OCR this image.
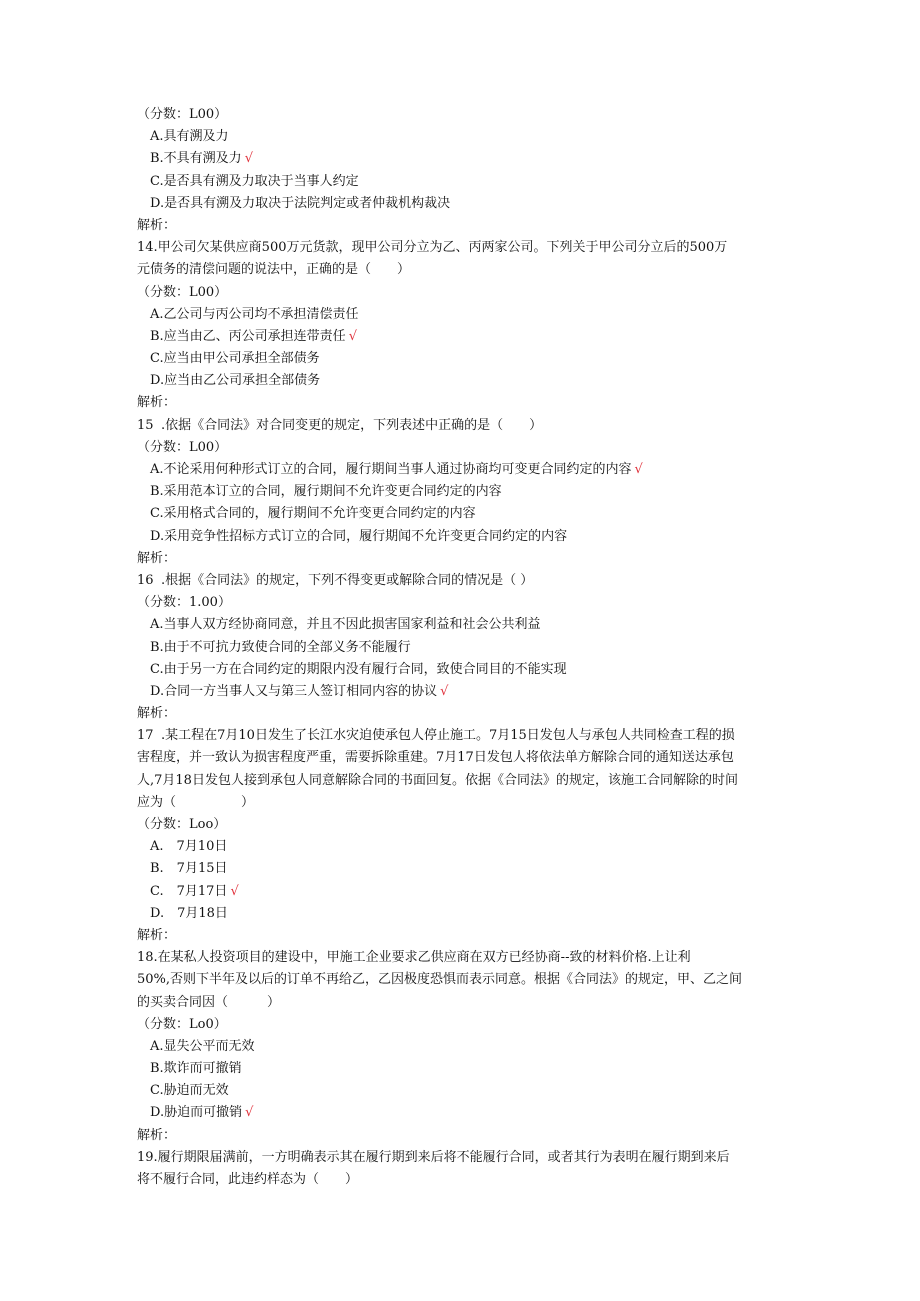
（分数：L00）
A.具有溯及力
B.不具有溯及力 √
C.是否具有溯及力取决于当事人约定
D.是否具有溯及力取决于法院判定或者仲裁机构裁决
解析：
14.甲公司欠某供应商500万元货款，现甲公司分立为乙、丙两家公司。下列关于甲公司分立后的500万
元债务的清偿问题的说法中，正确的是（　　）
（分数：L00）
A.乙公司与丙公司均不承担清偿责任
B.应当由乙、丙公司承担连带责任 √
C.应当由甲公司承担全部债务
D.应当由乙公司承担全部债务
解析：
15 .依据《合同法》对合同变更的规定，下列表述中正确的是（　　）
（分数：L00）
A.不论采用何种形式订立的合同，履行期间当事人通过协商均可变更合同约定的内容 √
B.采用范本订立的合同，履行期间不允许变更合同约定的内容
C.采用格式合同的，履行期间不允许变更合同约定的内容
D.采用竞争性招标方式订立的合同，履行期闻不允许变更合同约定的内容
解析：
16 .根据《合同法》的规定，下列不得变更或解除合同的情况是（ ）
（分数：1.00）
A.当事人双方经协商同意，并且不因此损害国家利益和社会公共利益
B.由于不可抗力致使合同的全部义务不能履行
C.由于另一方在合同约定的期限内没有履行合同，致使合同目的不能实现
D.合同一方当事人又与第三人签订相同内容的协议 √
解析：
17 .某工程在7月10日发生了长江水灾迫使承包人停止施工。7月15日发包人与承包人共同检查工程的损
害程度，并一致认为损害程度严重，需要拆除重建。7月17日发包人将依法单方解除合同的通知送达承包
人,7月18日发包人接到承包人同意解除合同的书面回复。依据《合同法》的规定，该施工合同解除的时间
应为（　　　　　）
（分数：Loo）
A.　7月10日
B.　7月15日
C.　7月17日 √
D.　7月18日
解析：
18.在某私人投资项目的建设中，甲施工企业要求乙供应商在双方已经协商--致的材料价格.上让利
50%,否则下半年及以后的订单不再给乙，乙因极度恐惧而表示同意。根据《合同法》的规定，甲、乙之间
的买卖合同因（　　　）
（分数：Lo0）
A.显失公平而无效
B.欺诈而可撤销
C.胁迫而无效
D.胁迫而可撤销 √
解析：
19.履行期限届满前，一方明确表示其在履行期到来后将不能履行合同，或者其行为表明在履行期到来后
将不履行合同，此违约样态为（　　）
